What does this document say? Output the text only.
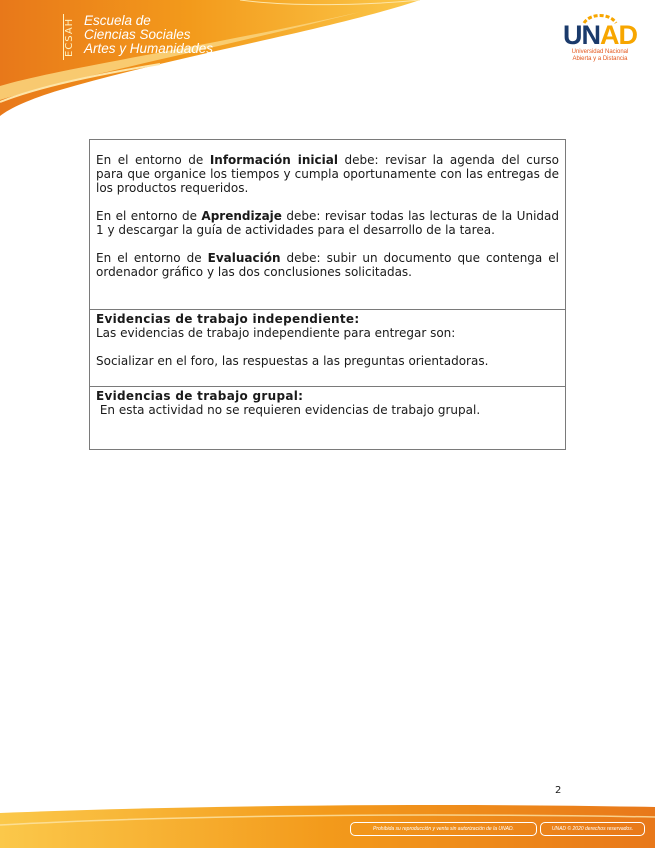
ECSAH Escuela de
Ciencias Sociales
Artes y Humanidades	UNAD
Universidad Nacional
Abierta y a Distancia

En el entorno de Información inicial debe: revisar la agenda del curso para que organice los tiempos y cumpla oportunamente con las entregas de los productos requeridos.

En el entorno de Aprendizaje debe: revisar todas las lecturas de la Unidad 1 y descargar la guía de actividades para el desarrollo de la tarea.

En el entorno de Evaluación debe: subir un documento que contenga el ordenador gráfico y las dos conclusiones solicitadas.

Evidencias de trabajo independiente:
Las evidencias de trabajo independiente para entregar son:
Socializar en el foro, las respuestas a las preguntas orientadoras.
Evidencias de trabajo grupal:
En esta actividad no se requieren evidencias de trabajo grupal.
2
Prohibida su reproducción y venta sin autorización de la UNAD.	UNAD © 2020 derechos reservados.
